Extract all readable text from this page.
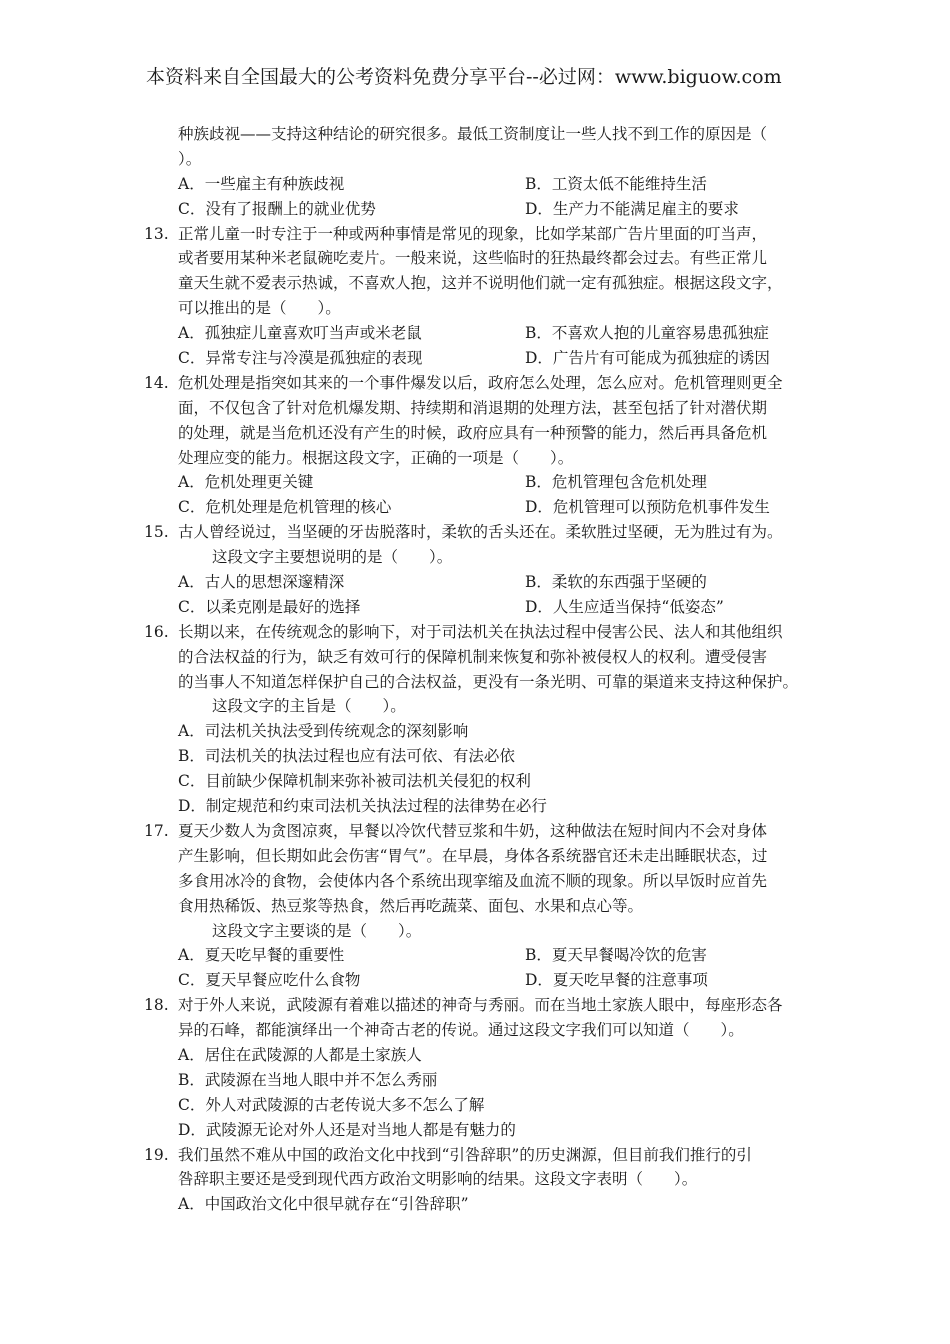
本资料来自全国最大的公考资料免费分享平台--必过网：www.biguow.com
种族歧视——支持这种结论的研究很多。最低工资制度让一些人找不到工作的原因是（
）。
A．一些雇主有种族歧视	B．工资太低不能维持生活
C．没有了报酬上的就业优势	D．生产力不能满足雇主的要求
13. 正常儿童一时专注于一种或两种事情是常见的现象，比如学某部广告片里面的叮当声，
或者要用某种米老鼠碗吃麦片。一般来说，这些临时的狂热最终都会过去。有些正常儿
童天生就不爱表示热诚，不喜欢人抱，这并不说明他们就一定有孤独症。根据这段文字，
可以推出的是（　　）。
A．孤独症儿童喜欢叮当声或米老鼠	B．不喜欢人抱的儿童容易患孤独症
C．异常专注与冷漠是孤独症的表现	D．广告片有可能成为孤独症的诱因
14. 危机处理是指突如其来的一个事件爆发以后，政府怎么处理，怎么应对。危机管理则更全
面，不仅包含了针对危机爆发期、持续期和消退期的处理方法，甚至包括了针对潜伏期
的处理，就是当危机还没有产生的时候，政府应具有一种预警的能力，然后再具备危机
处理应变的能力。根据这段文字，正确的一项是（　　）。
A．危机处理更关键	B．危机管理包含危机处理
C．危机处理是危机管理的核心	D．危机管理可以预防危机事件发生
15. 古人曾经说过，当坚硬的牙齿脱落时，柔软的舌头还在。柔软胜过坚硬，无为胜过有为。
这段文字主要想说明的是（　　）。
A．古人的思想深邃精深	B．柔软的东西强于坚硬的
C．以柔克刚是最好的选择	D．人生应适当保持“低姿态”
16. 长期以来，在传统观念的影响下，对于司法机关在执法过程中侵害公民、法人和其他组织
的合法权益的行为，缺乏有效可行的保障机制来恢复和弥补被侵权人的权利。遭受侵害
的当事人不知道怎样保护自己的合法权益，更没有一条光明、可靠的渠道来支持这种保护。
这段文字的主旨是（　　）。
A．司法机关执法受到传统观念的深刻影响
B．司法机关的执法过程也应有法可依、有法必依
C．目前缺少保障机制来弥补被司法机关侵犯的权利
D．制定规范和约束司法机关执法过程的法律势在必行
17. 夏天少数人为贪图凉爽，早餐以冷饮代替豆浆和牛奶，这种做法在短时间内不会对身体
产生影响，但长期如此会伤害“胃气”。在早晨，身体各系统器官还未走出睡眠状态，过
多食用冰冷的食物，会使体内各个系统出现挛缩及血流不顺的现象。所以早饭时应首先
食用热稀饭、热豆浆等热食，然后再吃蔬菜、面包、水果和点心等。
这段文字主要谈的是（　　）。
A．夏天吃早餐的重要性	B．夏天早餐喝冷饮的危害
C．夏天早餐应吃什么食物	D．夏天吃早餐的注意事项
18. 对于外人来说，武陵源有着难以描述的神奇与秀丽。而在当地土家族人眼中，每座形态各
异的石峰，都能演绎出一个神奇古老的传说。通过这段文字我们可以知道（　　）。
A．居住在武陵源的人都是土家族人
B．武陵源在当地人眼中并不怎么秀丽
C．外人对武陵源的古老传说大多不怎么了解
D．武陵源无论对外人还是对当地人都是有魅力的
19. 我们虽然不难从中国的政治文化中找到“引咎辞职”的历史渊源，但目前我们推行的引
咎辞职主要还是受到现代西方政治文明影响的结果。这段文字表明（　　）。
A．中国政治文化中很早就存在“引咎辞职”
